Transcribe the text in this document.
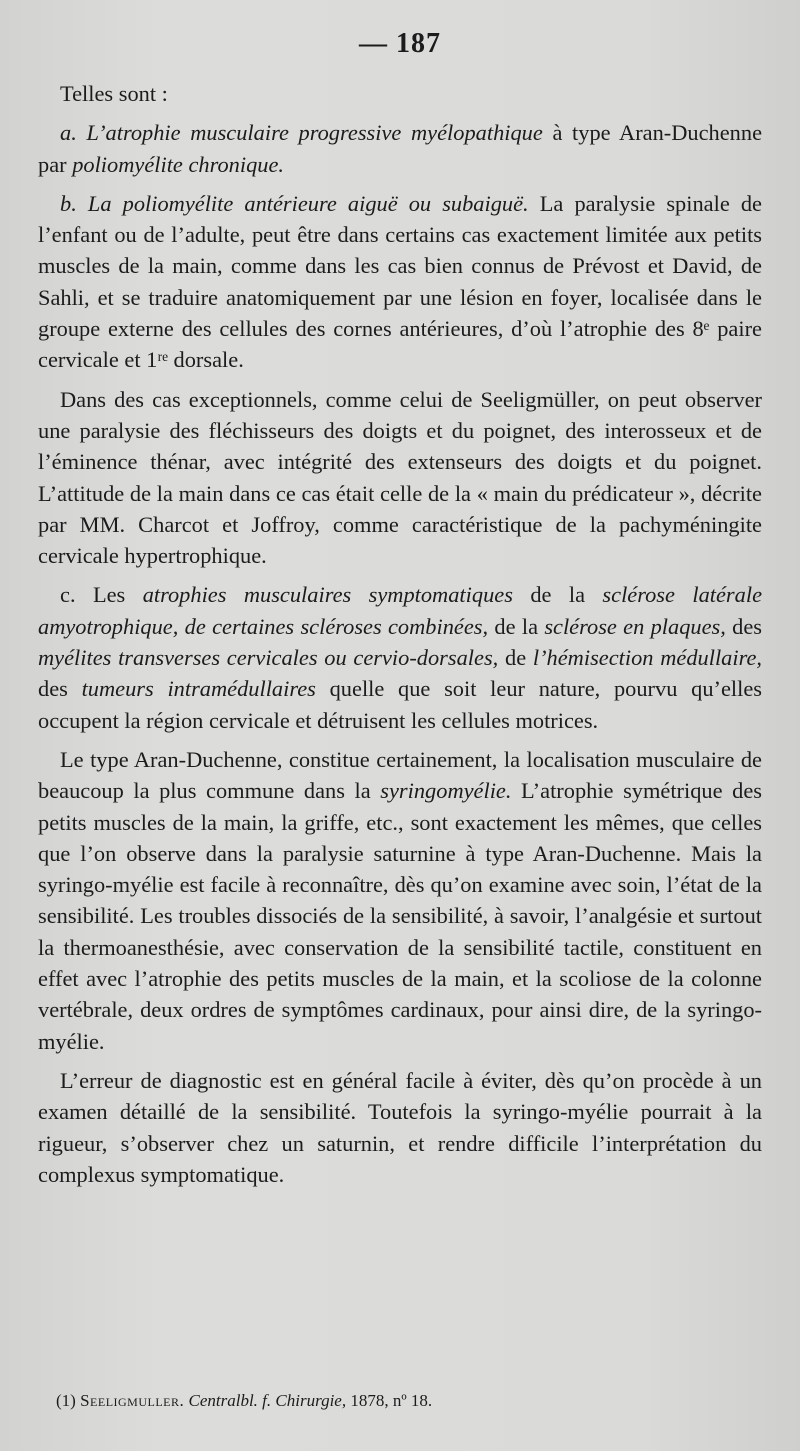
— 187

Telles sont :

a. L’atrophie musculaire progressive myélopathique à type Aran-Duchenne par poliomyélite chronique.

b. La poliomyélite antérieure aiguë ou subaiguë. La paralysie spinale de l’enfant ou de l’adulte, peut être dans certains cas exactement limitée aux petits muscles de la main, comme dans les cas bien connus de Prévost et David, de Sahli, et se traduire anatomiquement par une lésion en foyer, localisée dans le groupe externe des cellules des cornes antérieures, d’où l’atrophie des 8ᵉ paire cervicale et 1ʳᵉ dorsale.

Dans des cas exceptionnels, comme celui de Seeligmüller, on peut observer une paralysie des fléchisseurs des doigts et du poignet, des interosseux et de l’éminence thénar, avec intégrité des extenseurs des doigts et du poignet. L’attitude de la main dans ce cas était celle de la « main du prédicateur », décrite par MM. Charcot et Joffroy, comme caractéristique de la pachyméningite cervicale hypertrophique.

c. Les atrophies musculaires symptomatiques de la sclérose latérale amyotrophique, de certaines scléroses combinées, de la sclérose en plaques, des myélites transverses cervicales ou cervio-dorsales, de l’hémisection médullaire, des tumeurs intramédullaires quelle que soit leur nature, pourvu qu’elles occupent la région cervicale et détruisent les cellules motrices.

Le type Aran-Duchenne, constitue certainement, la localisation musculaire de beaucoup la plus commune dans la syringomyélie. L’atrophie symétrique des petits muscles de la main, la griffe, etc., sont exactement les mêmes, que celles que l’on observe dans la paralysie saturnine à type Aran-Duchenne. Mais la syringo-myélie est facile à reconnaître, dès qu’on examine avec soin, l’état de la sensibilité. Les troubles dissociés de la sensibilité, à savoir, l’analgésie et surtout la thermoanesthésie, avec conservation de la sensibilité tactile, constituent en effet avec l’atrophie des petits muscles de la main, et la scoliose de la colonne vertébrale, deux ordres de symptômes cardinaux, pour ainsi dire, de la syringo-myélie.

L’erreur de diagnostic est en général facile à éviter, dès qu’on procède à un examen détaillé de la sensibilité. Toutefois la syringo-myélie pourrait à la rigueur, s’observer chez un saturnin, et rendre difficile l’interprétation du complexus symptomatique.

(1) Seeligmuller. Centralbl. f. Chirurgie, 1878, nº 18.
